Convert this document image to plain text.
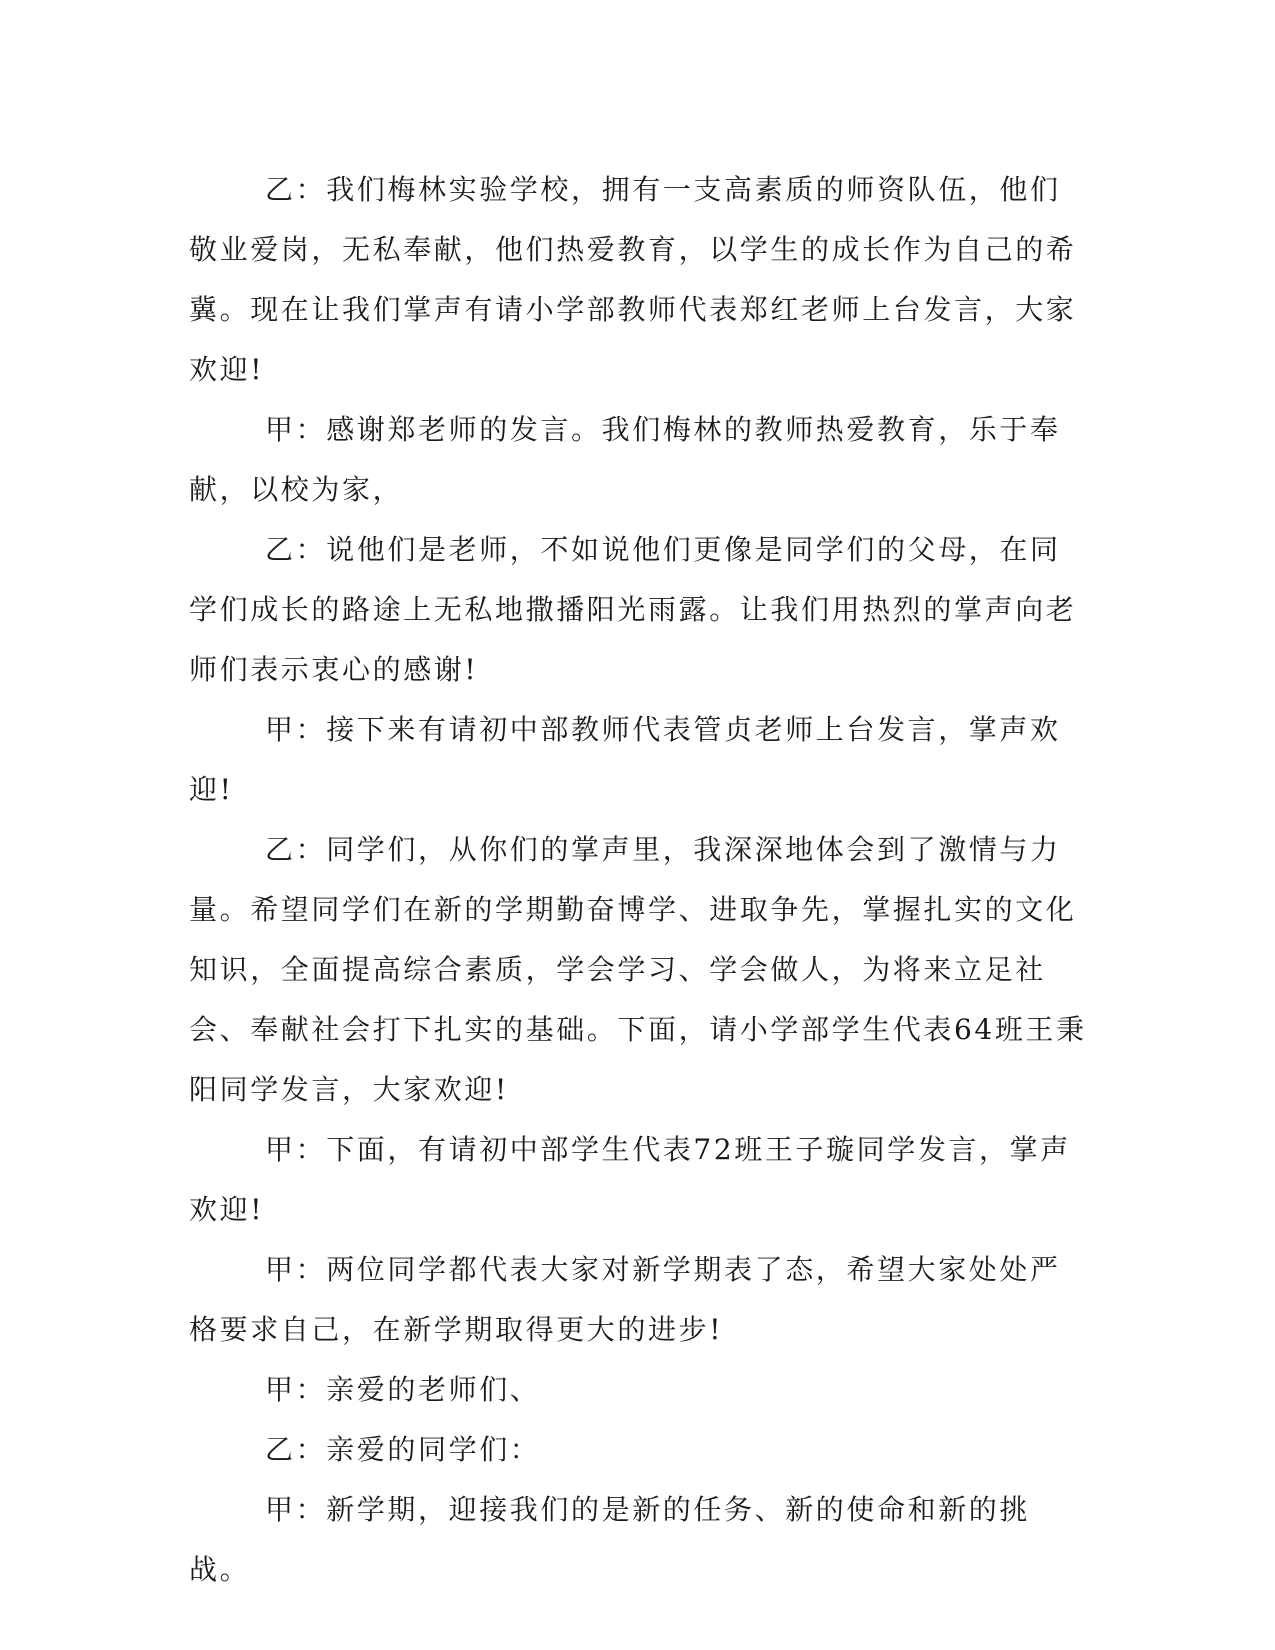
乙：我们梅林实验学校，拥有一支高素质的师资队伍，他们敬业爱岗，无私奉献，他们热爱教育，以学生的成长作为自己的希冀。现在让我们掌声有请小学部教师代表郑红老师上台发言，大家欢迎!

甲：感谢郑老师的发言。我们梅林的教师热爱教育，乐于奉献，以校为家，

乙：说他们是老师，不如说他们更像是同学们的父母，在同学们成长的路途上无私地撒播阳光雨露。让我们用热烈的掌声向老师们表示衷心的感谢!

甲：接下来有请初中部教师代表管贞老师上台发言，掌声欢迎!

乙：同学们，从你们的掌声里，我深深地体会到了激情与力量。希望同学们在新的学期勤奋博学、进取争先，掌握扎实的文化知识，全面提高综合素质，学会学习、学会做人，为将来立足社会、奉献社会打下扎实的基础。下面，请小学部学生代表64班王秉阳同学发言，大家欢迎!

甲：下面，有请初中部学生代表72班王子璇同学发言，掌声欢迎!

甲：两位同学都代表大家对新学期表了态，希望大家处处严格要求自己，在新学期取得更大的进步!

甲：亲爱的老师们、

乙：亲爱的同学们：

甲：新学期，迎接我们的是新的任务、新的使命和新的挑战。
